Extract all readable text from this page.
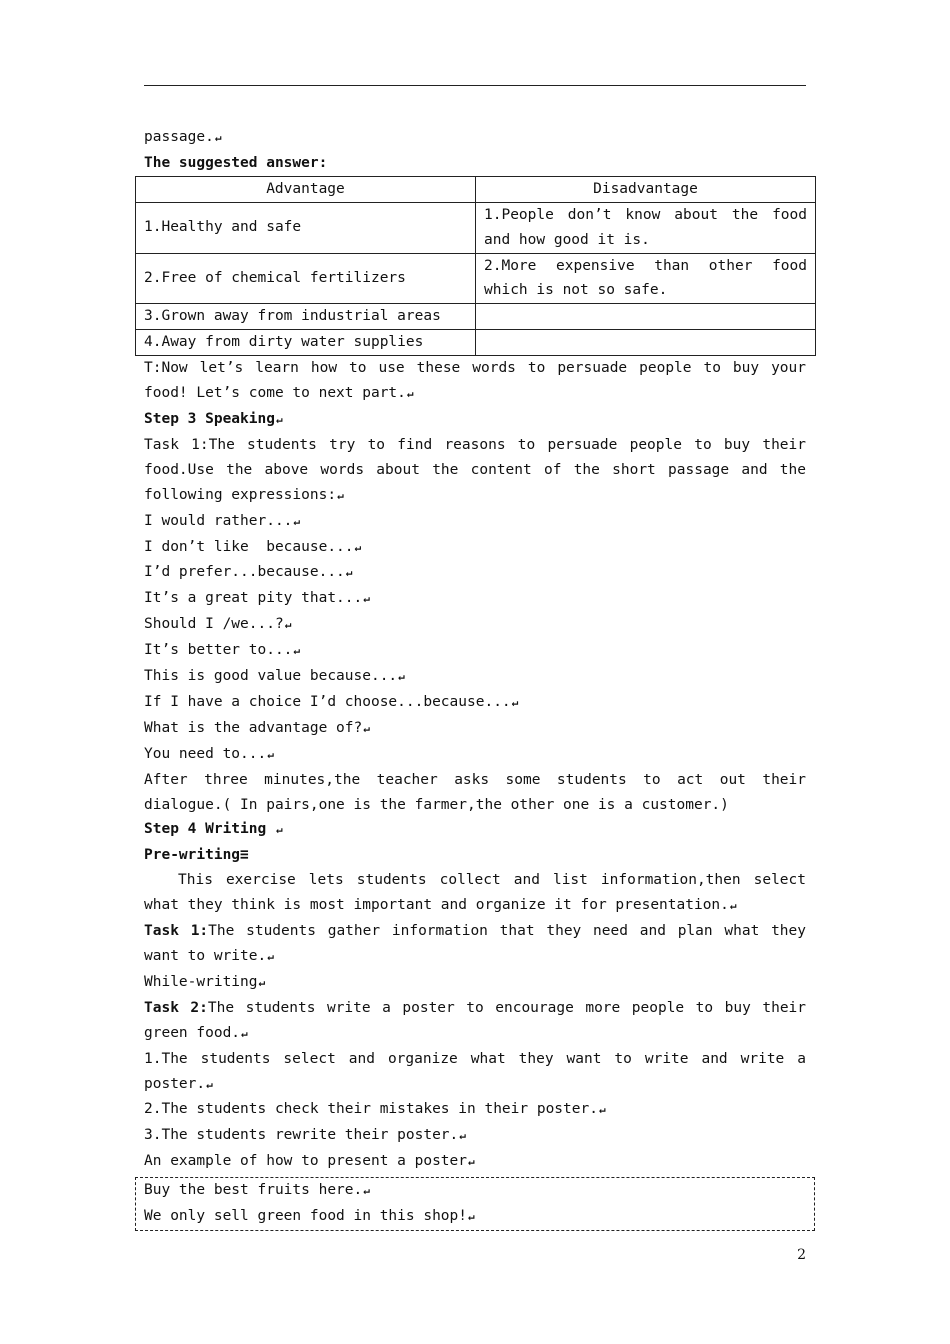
passage.↵

The suggested answer:

Advantage	Disadvantage
1.Healthy and safe	1.People don’t know about the food and how good it is.
2.Free of chemical fertilizers	2.More expensive than other food which is not so safe.
3.Grown away from industrial areas	
4.Away from dirty water supplies	

T:Now let’s learn how to use these words to persuade people to buy your food! Let’s come to next part.↵

Step 3 Speaking↵

Task 1:The students try to find reasons to persuade people to buy their food.Use the above words about the content of the short passage and the following expressions:↵

I would rather...↵

I don’t like  because...↵

I’d prefer...because...↵

It’s a great pity that...↵

Should I /we...?↵

It’s better to...↵

This is good value because...↵

If I have a choice I’d choose...because...↵

What is the advantage of?↵

You need to...↵

After three minutes,the teacher asks some students to act out their dialogue.( In pairs,one is the farmer,the other one is a customer.)

Step 4 Writing ↵

Pre-writing≡

This exercise lets students collect and list information,then select what they think is most important and organize it for presentation.↵

Task 1:The students gather information that they need and plan what they want to write.↵

While-writing↵

Task 2:The students write a poster to encourage more people to buy their green food.↵

1.The students select and organize what they want to write and write a poster.↵

2.The students check their mistakes in their poster.↵

3.The students rewrite their poster.↵

An example of how to present a poster↵

Buy the best fruits here.↵

We only sell green food in this shop!↵

2
